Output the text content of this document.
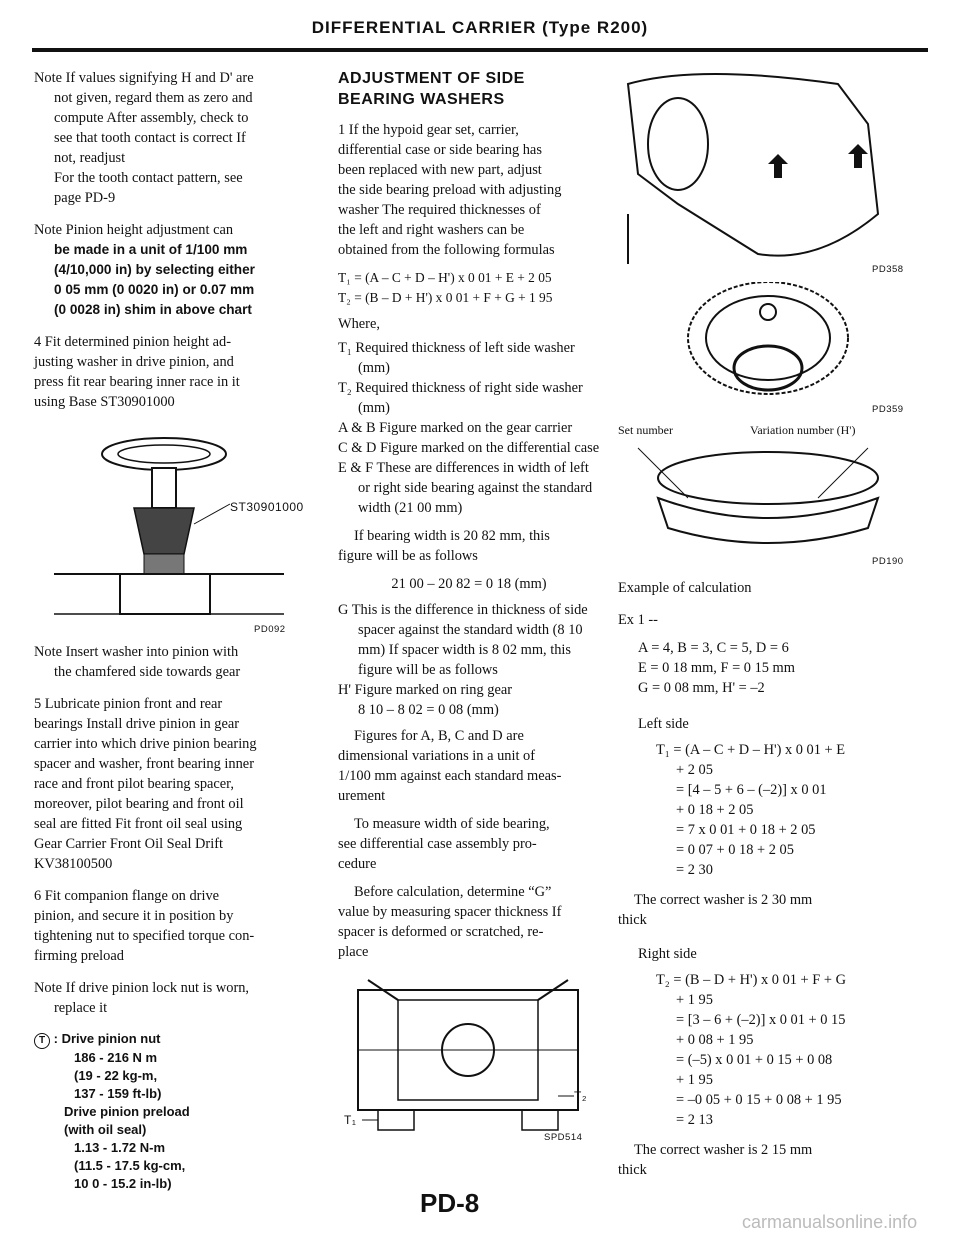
DIFFERENTIAL CARRIER (Type R200)
Note If values signifying H and D' are
not given, regard them as zero and
compute After assembly, check to
see that tooth contact is correct If
not, readjust
For the tooth contact pattern, see
page PD-9
Note Pinion height adjustment can
be made in a unit of 1/100 mm
(4/10,000 in) by selecting either
0 05 mm (0 0020 in) or 0.07 mm
(0 0028 in) shim in above chart
4 Fit determined pinion height ad-
justing washer in drive pinion, and
press fit rear bearing inner race in it
using Base ST30901000
ST30901000
PD092
Note Insert washer into pinion with
the chamfered side towards gear
5 Lubricate pinion front and rear
bearings Install drive pinion in gear
carrier into which drive pinion bearing
spacer and washer, front bearing inner
race and front pilot bearing spacer,
moreover, pilot bearing and front oil
seal are fitted Fit front oil seal using
Gear Carrier Front Oil Seal Drift
KV38100500
6 Fit companion flange on drive
pinion, and secure it in position by
tightening nut to specified torque con-
firming preload
Note If drive pinion lock nut is worn,
replace it
T : Drive pinion nut
186 - 216 N m
(19 - 22 kg-m,
137 - 159 ft-lb)
Drive pinion preload
(with oil seal)
1.13 - 1.72 N-m
(11.5 - 17.5 kg-cm,
10 0 - 15.2 in-lb)
ADJUSTMENT OF SIDE
BEARING WASHERS

1 If the hypoid gear set, carrier,
differential case or side bearing has
been replaced with new part, adjust
the side bearing preload with adjusting
washer The required thicknesses of
the left and right washers can be
obtained from the following formulas

T₁ = (A – C + D – H') x 0 01 + E + 2 05
T₂ = (B – D + H') x 0 01 + F + G + 1 95
Where,
T₁ Required thickness of left side washer (mm)
T₂ Required thickness of right side washer (mm)
A & B Figure marked on the gear carrier
C & D Figure marked on the differential case
E & F These are differences in width of left or right side bearing against the standard width (21 00 mm)

If bearing width is 20 82 mm, this
figure will be as follows

21 00 – 20 82 = 0 18 (mm)
G This is the difference in thickness of side spacer against the standard width (8 10 mm) If spacer width is 8 02 mm, this figure will be as follows
H' Figure marked on ring gear
8 10 – 8 02 = 0 08 (mm)

Figures for A, B, C and D are
dimensional variations in a unit of
1/100 mm against each standard meas-
urement

To measure width of side bearing,
see differential case assembly pro-
cedure

Before calculation, determine “G”
value by measuring spacer thickness If
spacer is deformed or scratched, re-
place

T₁
T₂
SPD514
PD358
PD359
Set number	Variation number (H')
PD190
Example of calculation
Ex 1 --
A = 4, B = 3, C = 5, D = 6
E = 0 18 mm, F = 0 15 mm
G = 0 08 mm, H' = –2
Left side
T₁ = (A – C + D – H') x 0 01 + E
+ 2 05
= [4 – 5 + 6 – (–2)] x 0 01
+ 0 18 + 2 05
= 7 x 0 01 + 0 18 + 2 05
= 0 07 + 0 18 + 2 05
= 2 30
The correct washer is 2 30 mm
thick
Right side
T₂ = (B – D + H') x 0 01 + F + G
+ 1 95
= [3 – 6 + (–2)] x 0 01 + 0 15
+ 0 08 + 1 95
= (–5) x 0 01 + 0 15 + 0 08
+ 1 95
= –0 05 + 0 15 + 0 08 + 1 95
= 2 13
The correct washer is 2 15 mm
thick
PD-8
carmanualsonline.info
